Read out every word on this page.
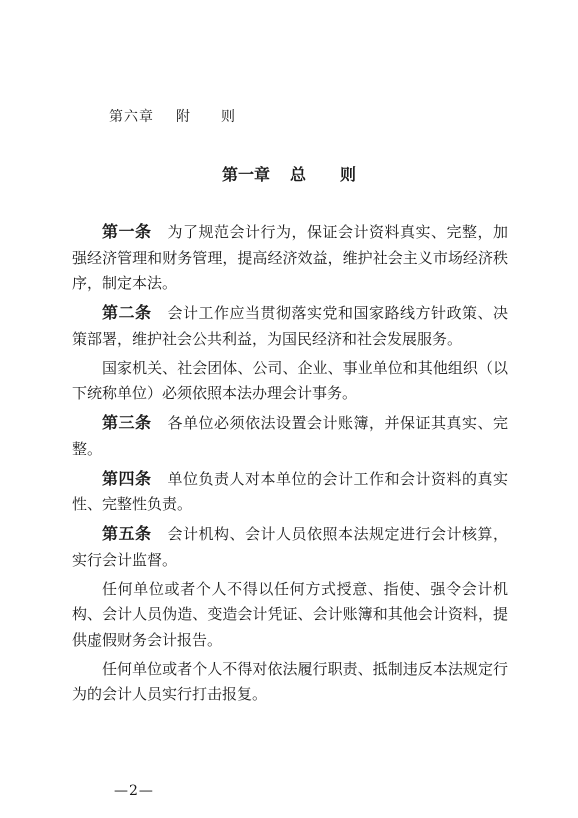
第六章 附 则
第一章 总 则

第一条 为了规范会计行为，保证会计资料真实、完整，加强经济管理和财务管理，提高经济效益，维护社会主义市场经济秩序，制定本法。

第二条 会计工作应当贯彻落实党和国家路线方针政策、决策部署，维护社会公共利益，为国民经济和社会发展服务。

国家机关、社会团体、公司、企业、事业单位和其他组织（以下统称单位）必须依照本法办理会计事务。

第三条 各单位必须依法设置会计账簿，并保证其真实、完整。

第四条 单位负责人对本单位的会计工作和会计资料的真实性、完整性负责。

第五条 会计机构、会计人员依照本法规定进行会计核算，实行会计监督。

任何单位或者个人不得以任何方式授意、指使、强令会计机构、会计人员伪造、变造会计凭证、会计账簿和其他会计资料，提供虚假财务会计报告。

任何单位或者个人不得对依法履行职责、抵制违反本法规定行为的会计人员实行打击报复。

—2—
